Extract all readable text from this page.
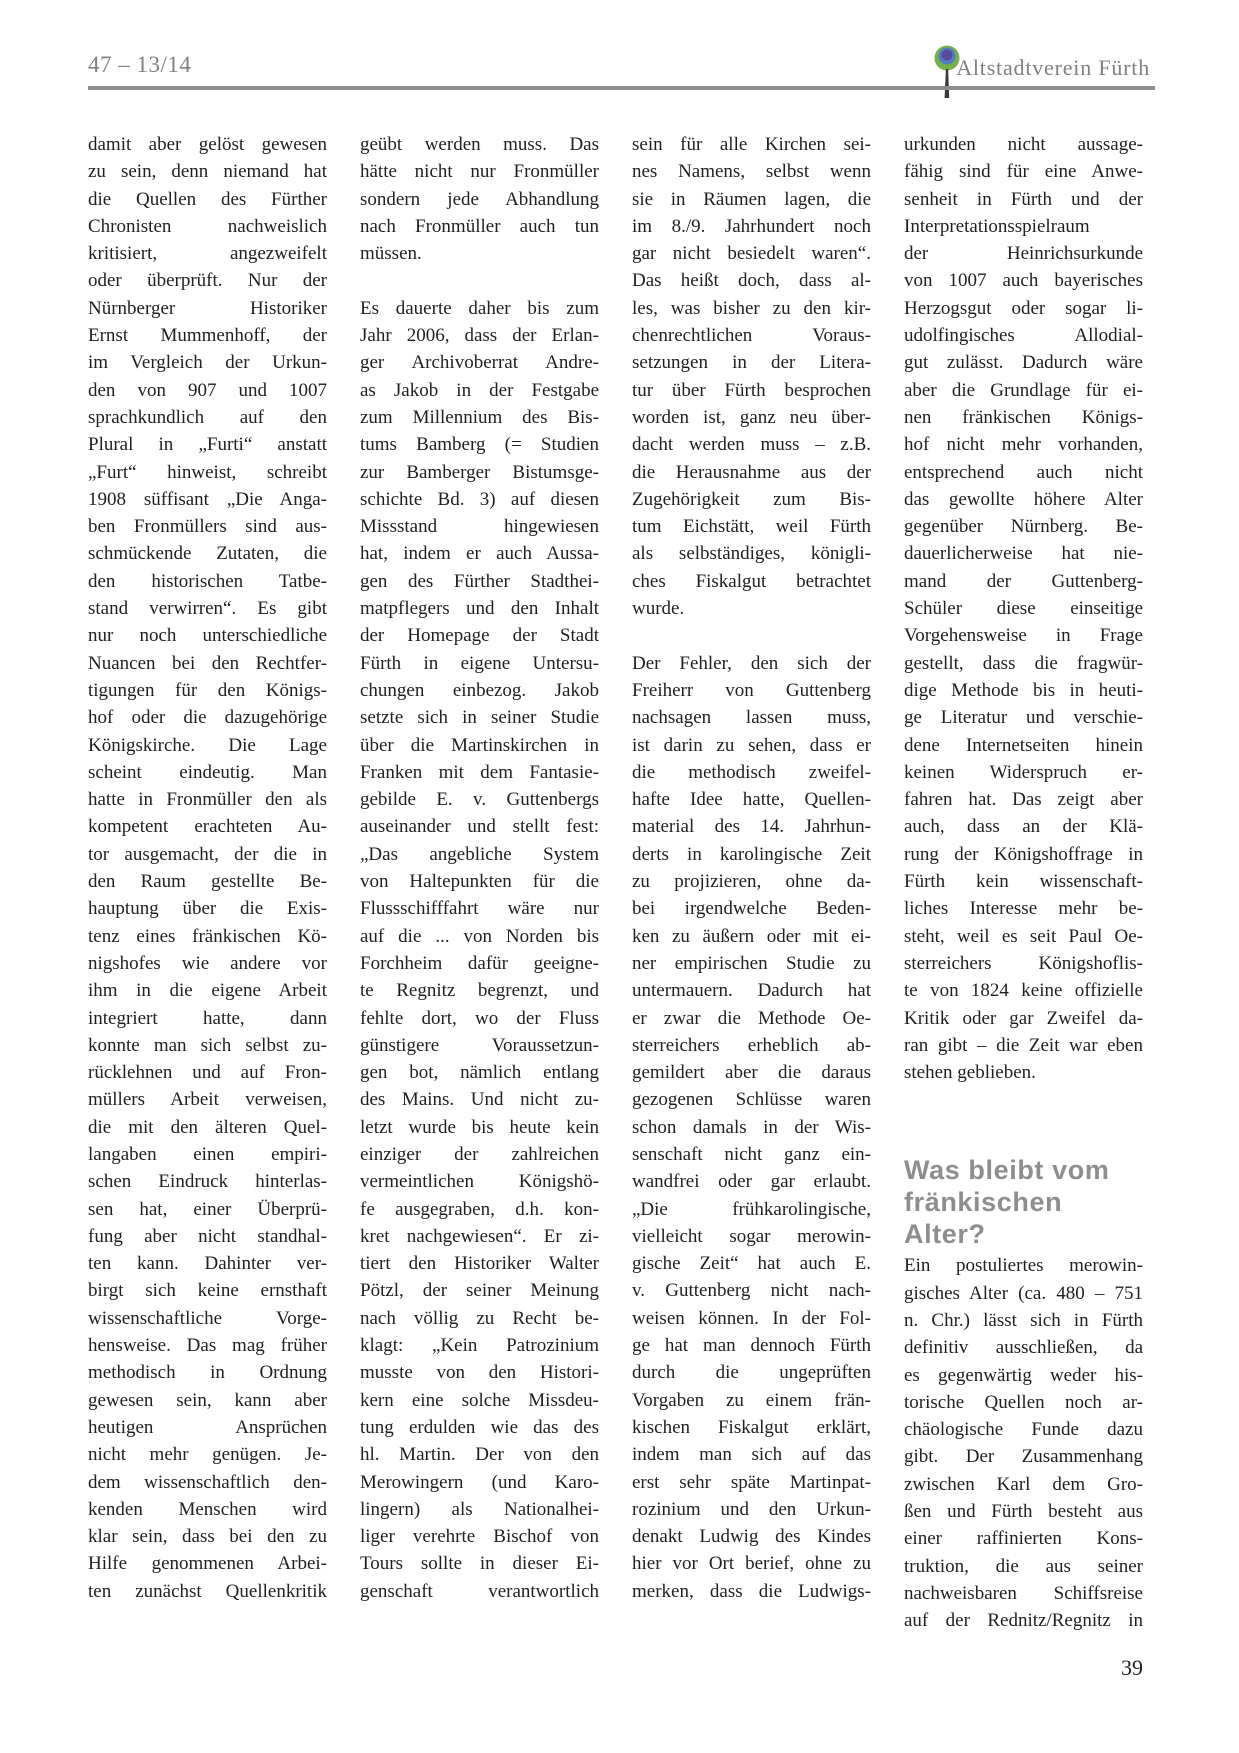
47 – 13/14	Altstadtverein Fürth
damit aber gelöst gewesen
zu sein, denn niemand hat
die Quellen des Fürther
Chronisten nachweislich
kritisiert, angezweifelt
oder überprüft. Nur der
Nürnberger Historiker
Ernst Mummenhoff, der
im Vergleich der Urkun-
den von 907 und 1007
sprachkundlich auf den
Plural in „Furti“ anstatt
„Furt“ hinweist, schreibt
1908 süffisant „Die Anga-
ben Fronmüllers sind aus-
schmückende Zutaten, die
den historischen Tatbe-
stand verwirren“. Es gibt
nur noch unterschiedliche
Nuancen bei den Rechtfer-
tigungen für den Königs-
hof oder die dazugehörige
Königskirche. Die Lage
scheint eindeutig. Man
hatte in Fronmüller den als
kompetent erachteten Au-
tor ausgemacht, der die in
den Raum gestellte Be-
hauptung über die Exis-
tenz eines fränkischen Kö-
nigshofes wie andere vor
ihm in die eigene Arbeit
integriert hatte, dann
konnte man sich selbst zu-
rücklehnen und auf Fron-
müllers Arbeit verweisen,
die mit den älteren Quel-
langaben einen empiri-
schen Eindruck hinterlas-
sen hat, einer Überprü-
fung aber nicht standhal-
ten kann. Dahinter ver-
birgt sich keine ernsthaft
wissenschaftliche Vorge-
hensweise. Das mag früher
methodisch in Ordnung
gewesen sein, kann aber
heutigen Ansprüchen
nicht mehr genügen. Je-
dem wissenschaftlich den-
kenden Menschen wird
klar sein, dass bei den zu
Hilfe genommenen Arbei-
ten zunächst Quellenkritik
geübt werden muss. Das
hätte nicht nur Fronmüller
sondern jede Abhandlung
nach Fronmüller auch tun
müssen.
Es dauerte daher bis zum
Jahr 2006, dass der Erlan-
ger Archivoberrat Andre-
as Jakob in der Festgabe
zum Millennium des Bis-
tums Bamberg (= Studien
zur Bamberger Bistumsge-
schichte Bd. 3) auf diesen
Missstand hingewiesen
hat, indem er auch Aussa-
gen des Fürther Stadthei-
matpflegers und den Inhalt
der Homepage der Stadt
Fürth in eigene Untersu-
chungen einbezog. Jakob
setzte sich in seiner Studie
über die Martinskirchen in
Franken mit dem Fantasie-
gebilde E. v. Guttenbergs
auseinander und stellt fest:
„Das angebliche System
von Haltepunkten für die
Flussschifffahrt wäre nur
auf die ... von Norden bis
Forchheim dafür geeigne-
te Regnitz begrenzt, und
fehlte dort, wo der Fluss
günstigere Voraussetzun-
gen bot, nämlich entlang
des Mains. Und nicht zu-
letzt wurde bis heute kein
einziger der zahlreichen
vermeintlichen Königshö-
fe ausgegraben, d.h. kon-
kret nachgewiesen“. Er zi-
tiert den Historiker Walter
Pötzl, der seiner Meinung
nach völlig zu Recht be-
klagt: „Kein Patrozinium
musste von den Histori-
kern eine solche Missdeu-
tung erdulden wie das des
hl. Martin. Der von den
Merowingern (und Karo-
lingern) als Nationalhei-
liger verehrte Bischof von
Tours sollte in dieser Ei-
genschaft verantwortlich
sein für alle Kirchen sei-
nes Namens, selbst wenn
sie in Räumen lagen, die
im 8./9. Jahrhundert noch
gar nicht besiedelt waren“.
Das heißt doch, dass al-
les, was bisher zu den kir-
chenrechtlichen Voraus-
setzungen in der Litera-
tur über Fürth besprochen
worden ist, ganz neu über-
dacht werden muss – z.B.
die Herausnahme aus der
Zugehörigkeit zum Bis-
tum Eichstätt, weil Fürth
als selbständiges, königli-
ches Fiskalgut betrachtet
wurde.
Der Fehler, den sich der
Freiherr von Guttenberg
nachsagen lassen muss,
ist darin zu sehen, dass er
die methodisch zweifel-
hafte Idee hatte, Quellen-
material des 14. Jahrhun-
derts in karolingische Zeit
zu projizieren, ohne da-
bei irgendwelche Beden-
ken zu äußern oder mit ei-
ner empirischen Studie zu
untermauern. Dadurch hat
er zwar die Methode Oe-
sterreichers erheblich ab-
gemildert aber die daraus
gezogenen Schlüsse waren
schon damals in der Wis-
senschaft nicht ganz ein-
wandfrei oder gar erlaubt.
„Die frühkarolingische,
vielleicht sogar merowin-
gische Zeit“ hat auch E.
v. Guttenberg nicht nach-
weisen können. In der Fol-
ge hat man dennoch Fürth
durch die ungeprüften
Vorgaben zu einem frän-
kischen Fiskalgut erklärt,
indem man sich auf das
erst sehr späte Martinpat-
rozinium und den Urkun-
denakt Ludwig des Kindes
hier vor Ort berief, ohne zu
merken, dass die Ludwigs-
urkunden nicht aussage-
fähig sind für eine Anwe-
senheit in Fürth und der
Interpretationsspielraum
der Heinrichsurkunde
von 1007 auch bayerisches
Herzogsgut oder sogar li-
udolfingisches Allodial-
gut zulässt. Dadurch wäre
aber die Grundlage für ei-
nen fränkischen Königs-
hof nicht mehr vorhanden,
entsprechend auch nicht
das gewollte höhere Alter
gegenüber Nürnberg. Be-
dauerlicherweise hat nie-
mand der Guttenberg-
Schüler diese einseitige
Vorgehensweise in Frage
gestellt, dass die fragwür-
dige Methode bis in heuti-
ge Literatur und verschie-
dene Internetseiten hinein
keinen Widerspruch er-
fahren hat. Das zeigt aber
auch, dass an der Klä-
rung der Königshoffrage in
Fürth kein wissenschaft-
liches Interesse mehr be-
steht, weil es seit Paul Oe-
sterreichers Königshoflis-
te von 1824 keine offizielle
Kritik oder gar Zweifel da-
ran gibt – die Zeit war eben
stehen geblieben.
Was bleibt vom
fränkischen
Alter?
Ein postuliertes merowin-
gisches Alter (ca. 480 – 751
n. Chr.) lässt sich in Fürth
definitiv ausschließen, da
es gegenwärtig weder his-
torische Quellen noch ar-
chäologische Funde dazu
gibt. Der Zusammenhang
zwischen Karl dem Gro-
ßen und Fürth besteht aus
einer raffinierten Kons-
truktion, die aus seiner
nachweisbaren Schiffsreise
auf der Rednitz/Regnitz in
39
